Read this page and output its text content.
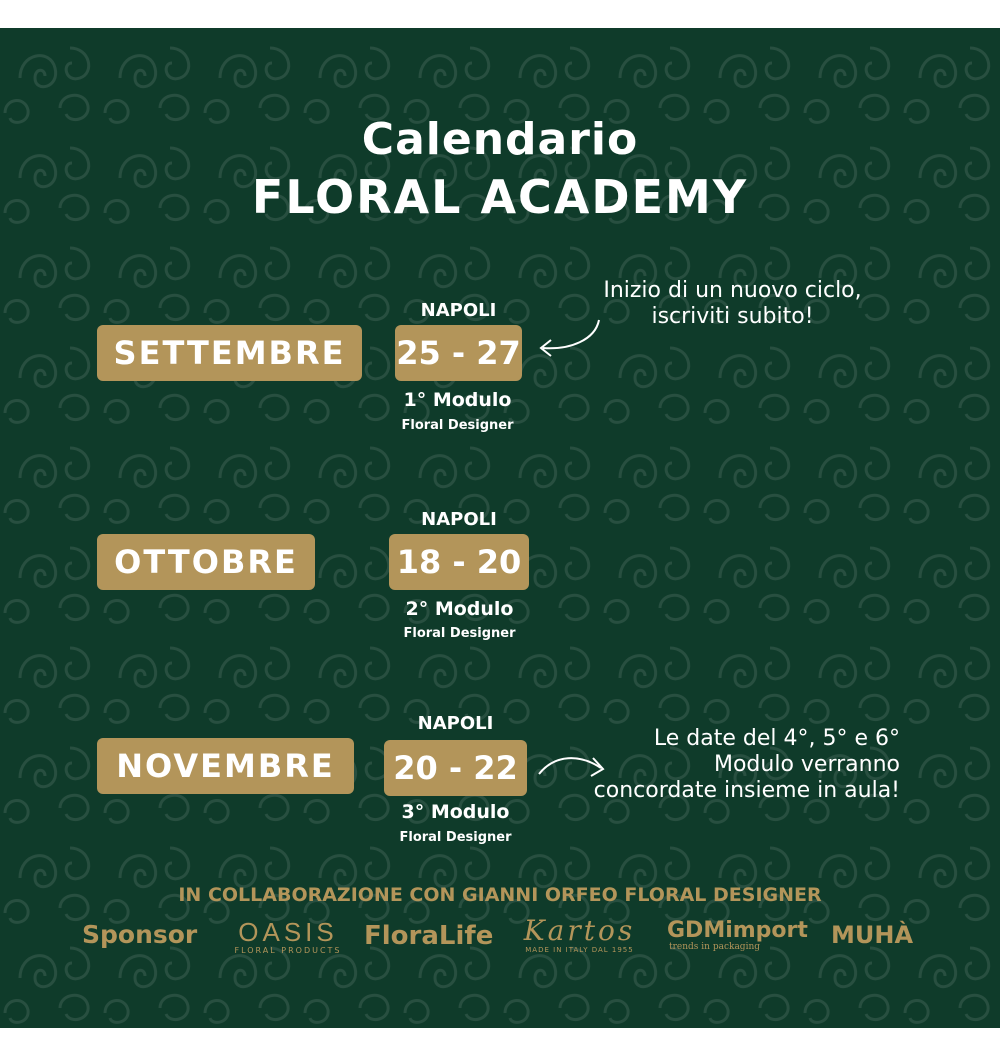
Calendario
FLORAL ACADEMY
SETTEMBRE
NAPOLI
25 - 27
1° Modulo
Floral Designer
Inizio di un nuovo ciclo,
iscriviti subito!
OTTOBRE
NAPOLI
18 - 20
2° Modulo
Floral Designer
NOVEMBRE
NAPOLI
20 - 22
3° Modulo
Floral Designer
Le date del 4°, 5° e 6°
Modulo verranno
concordate insieme in aula!
IN COLLABORAZIONE CON GIANNI ORFEO FLORAL DESIGNER
Sponsor	OASIS
FLORAL PRODUCTS FloraLife	Kartos
MADE IN ITALY DAL 1955
GDMimport
trends in packaging	MUHÀ
